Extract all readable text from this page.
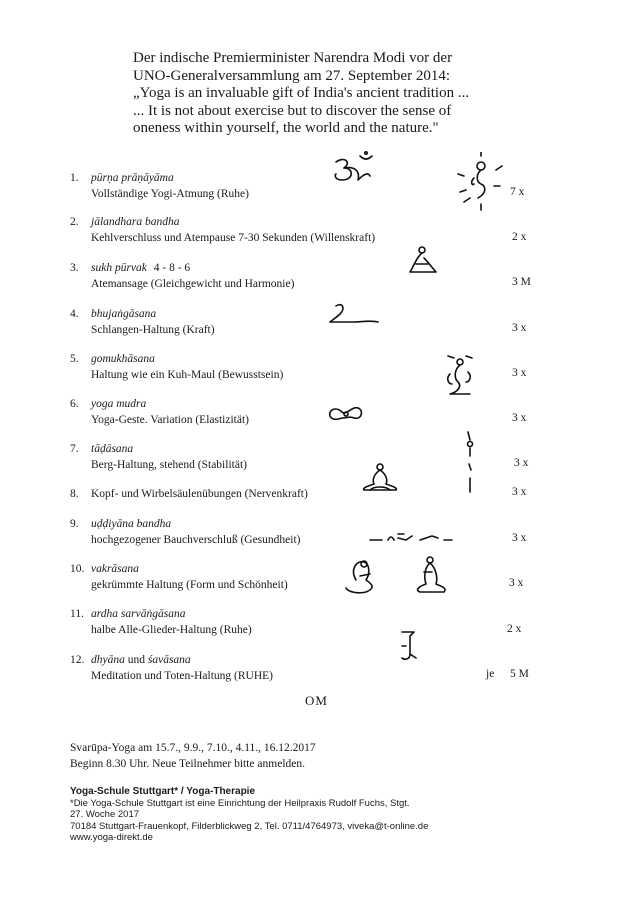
Der indische Premierminister Narendra Modi vor der
UNO-Generalversammlung am 27. September 2014:
„Yoga is an invaluable gift of India's ancient tradition ...
... It is not about exercise but to discover the sense of
oneness within yourself, the world and the nature."
1. pūrṇa prāṇāyāma
Vollständige Yogi-Atmung (Ruhe)	7 x
2. jālandhara bandha
Kehlverschluss und Atempause 7-30 Sekunden (Willenskraft)	2 x
3. sukh pūrvak 4 - 8 - 6
Atemansage (Gleichgewicht und Harmonie)	3 M
4. bhujaṅgāsana
Schlangen-Haltung (Kraft)	3 x
5. gomukhāsana
Haltung wie ein Kuh-Maul (Bewusstsein)	3 x
6. yoga mudra
Yoga-Geste. Variation (Elastizität)	3 x
7. tāḍāsana
Berg-Haltung, stehend (Stabilität)	3 x
8. Kopf- und Wirbelsäulenübungen (Nervenkraft)	3 x
9. uḍḍiyāna bandha
hochgezogener Bauchverschluß (Gesundheit)	3 x
10. vakrāsana
gekrümmte Haltung (Form und Schönheit)	3 x
11. ardha sarvāṅgāsana
halbe Alle-Glieder-Haltung (Ruhe)	2 x
12. dhyāna und śavāsana
Meditation und Toten-Haltung (RUHE)	je 5 M
OM
Svarūpa-Yoga am 15.7., 9.9., 7.10., 4.11., 16.12.2017
Beginn 8.30 Uhr. Neue Teilnehmer bitte anmelden.
Yoga-Schule Stuttgart* / Yoga-Therapie
*Die Yoga-Schule Stuttgart ist eine Einrichtung der Heilpraxis Rudolf Fuchs, Stgt.
27. Woche 2017
70184 Stuttgart-Frauenkopf, Filderblickweg 2, Tel. 0711/4764973, viveka@t-online.de
www.yoga-direkt.de
